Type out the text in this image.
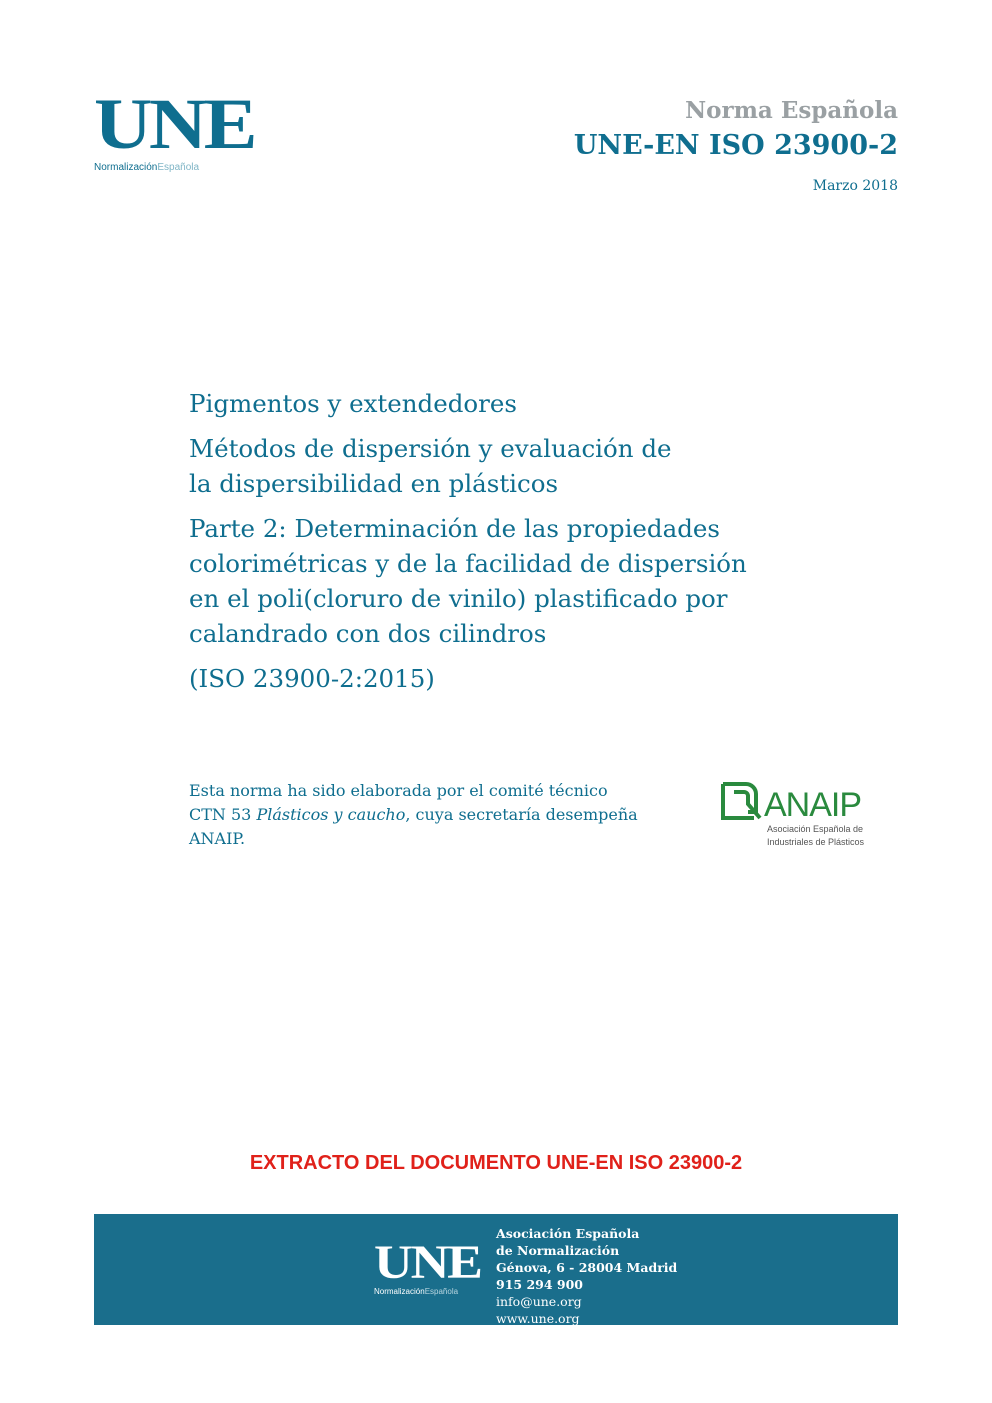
UNE
NormalizaciónEspañola
Norma Española
UNE-EN ISO 23900-2
Marzo 2018

Pigmentos y extendedores

Métodos de dispersión y evaluación de

la dispersibilidad en plásticos

Parte 2: Determinación de las propiedades

colorimétricas y de la facilidad de dispersión

en el poli(cloruro de vinilo) plastificado por

calandrado con dos cilindros

(ISO 23900-2:2015)

Esta norma ha sido elaborada por el comité técnico

CTN 53 Plásticos y caucho, cuya secretaría desempeña

ANAIP.

ANAIP
Asociación Española de
Industriales de Plásticos
EXTRACTO DEL DOCUMENTO UNE-EN ISO 23900-2
UNE
NormalizaciónEspañola

Asociación Española

de Normalización

Génova, 6 - 28004 Madrid

915 294 900

info@une.org

www.une.org
